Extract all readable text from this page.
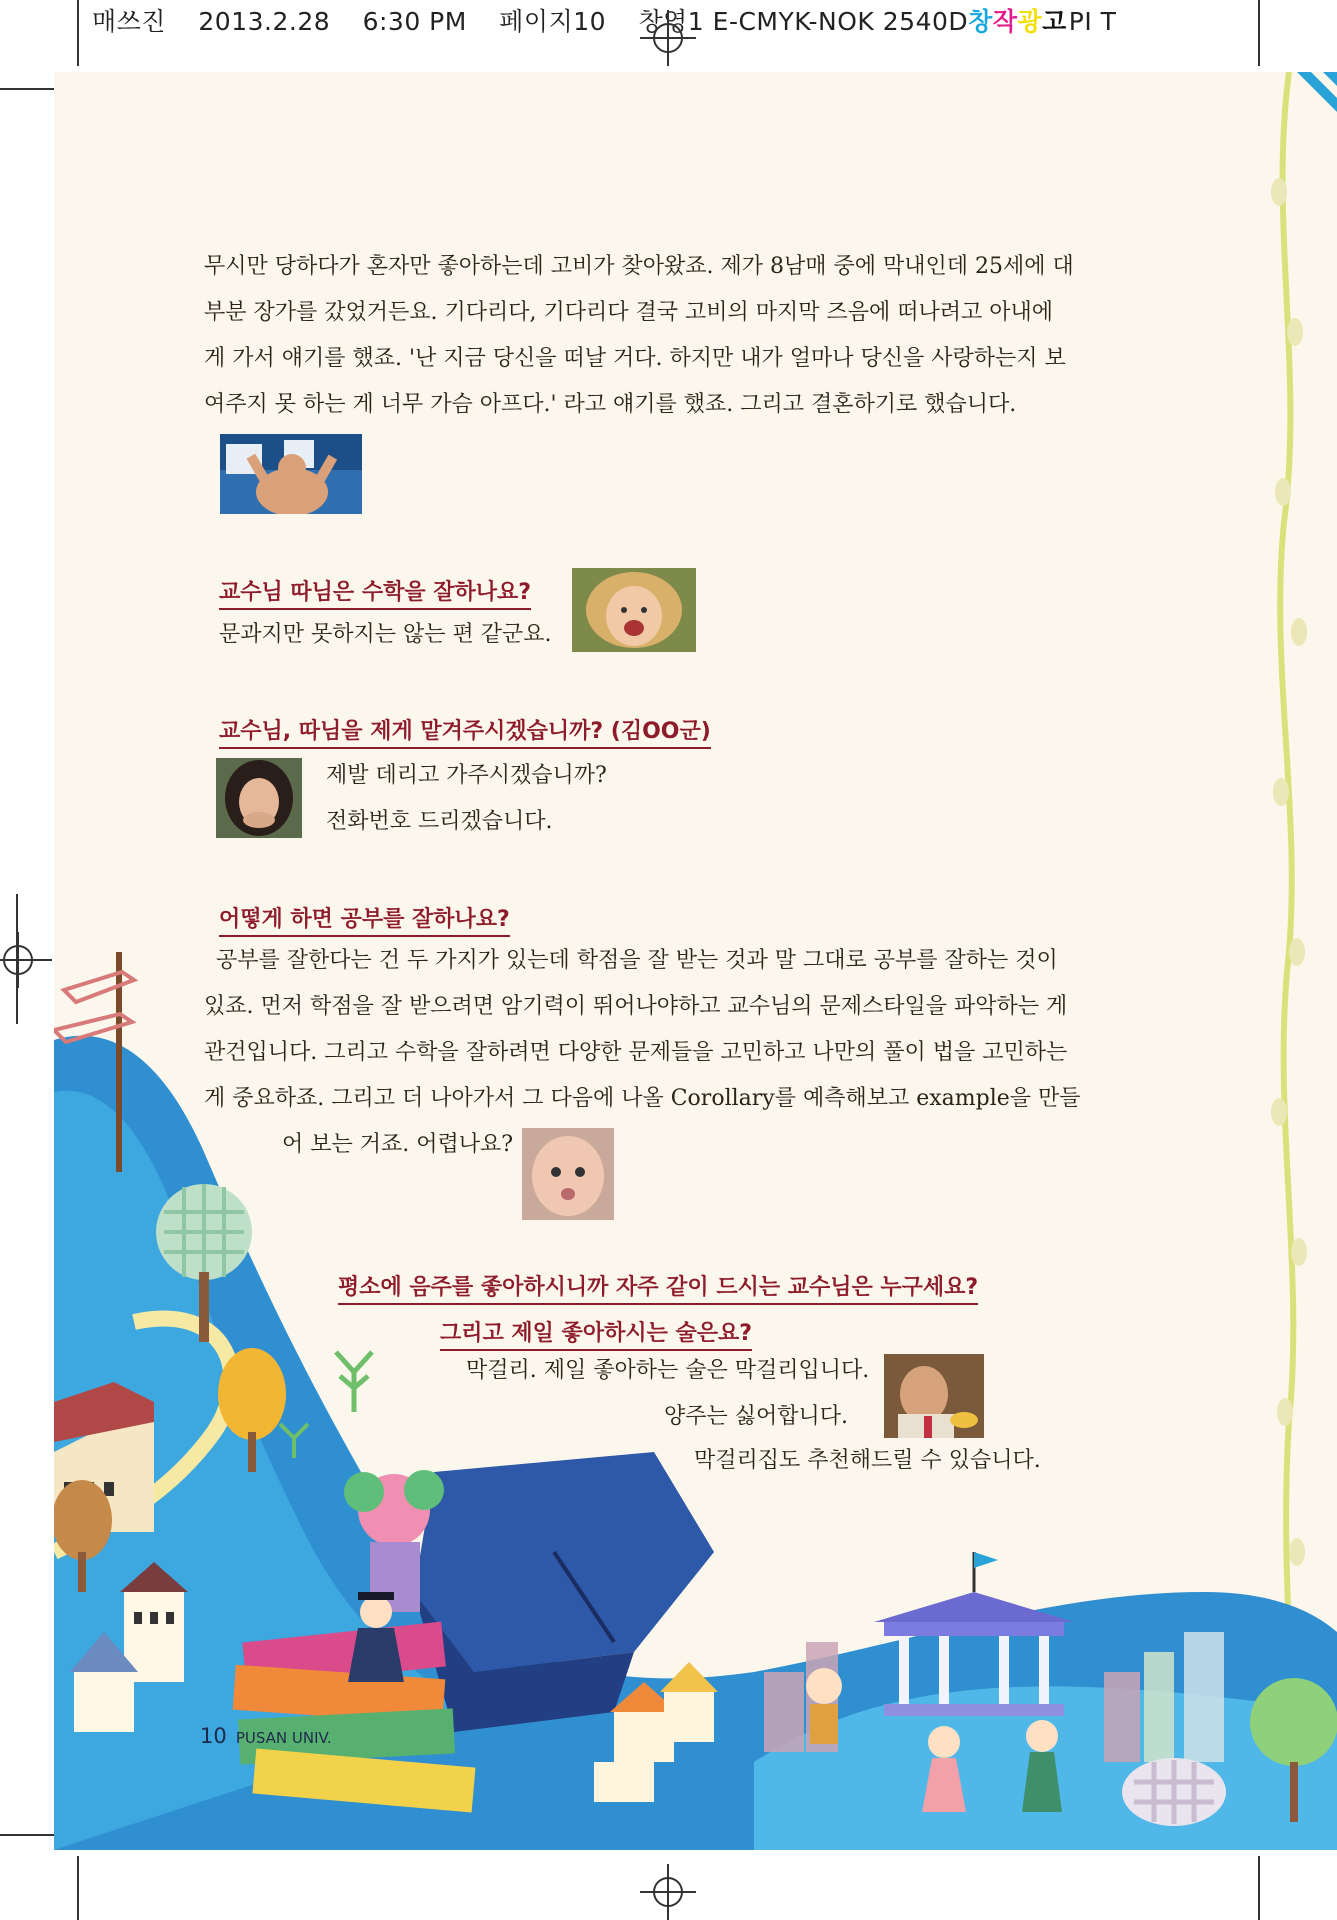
매쓰진 2013.2.28 6:30 PM 페이지10 창영1 E-CMYK-NOK 2540D창작광고PI T
무시만 당하다가 혼자만 좋아하는데 고비가 찾아왔죠. 제가 8남매 중에 막내인데 25세에 대
부분 장가를 갔었거든요. 기다리다, 기다리다 결국 고비의 마지막 즈음에 떠나려고 아내에
게 가서 얘기를 했죠. '난 지금 당신을 떠날 거다. 하지만 내가 얼마나 당신을 사랑하는지 보
여주지 못 하는 게 너무 가슴 아프다.' 라고 얘기를 했죠. 그리고 결혼하기로 했습니다.
교수님 따님은 수학을 잘하나요?
문과지만 못하지는 않는 편 같군요.
교수님, 따님을 제게 맡겨주시겠습니까? (김OO군)
제발 데리고 가주시겠습니까?
전화번호 드리겠습니다.
어떻게 하면 공부를 잘하나요?
공부를 잘한다는 건 두 가지가 있는데 학점을 잘 받는 것과 말 그대로 공부를 잘하는 것이
있죠. 먼저 학점을 잘 받으려면 암기력이 뛰어나야하고 교수님의 문제스타일을 파악하는 게
관건입니다. 그리고 수학을 잘하려면 다양한 문제들을 고민하고 나만의 풀이 법을 고민하는
게 중요하죠. 그리고 더 나아가서 그 다음에 나올 Corollary를 예측해보고 example을 만들
어 보는 거죠. 어렵나요?
평소에 음주를 좋아하시니까 자주 같이 드시는 교수님은 누구세요?
그리고 제일 좋아하시는 술은요?
막걸리. 제일 좋아하는 술은 막걸리입니다.
양주는 싫어합니다.
막걸리집도 추천해드릴 수 있습니다.
10 PUSAN UNIV.
